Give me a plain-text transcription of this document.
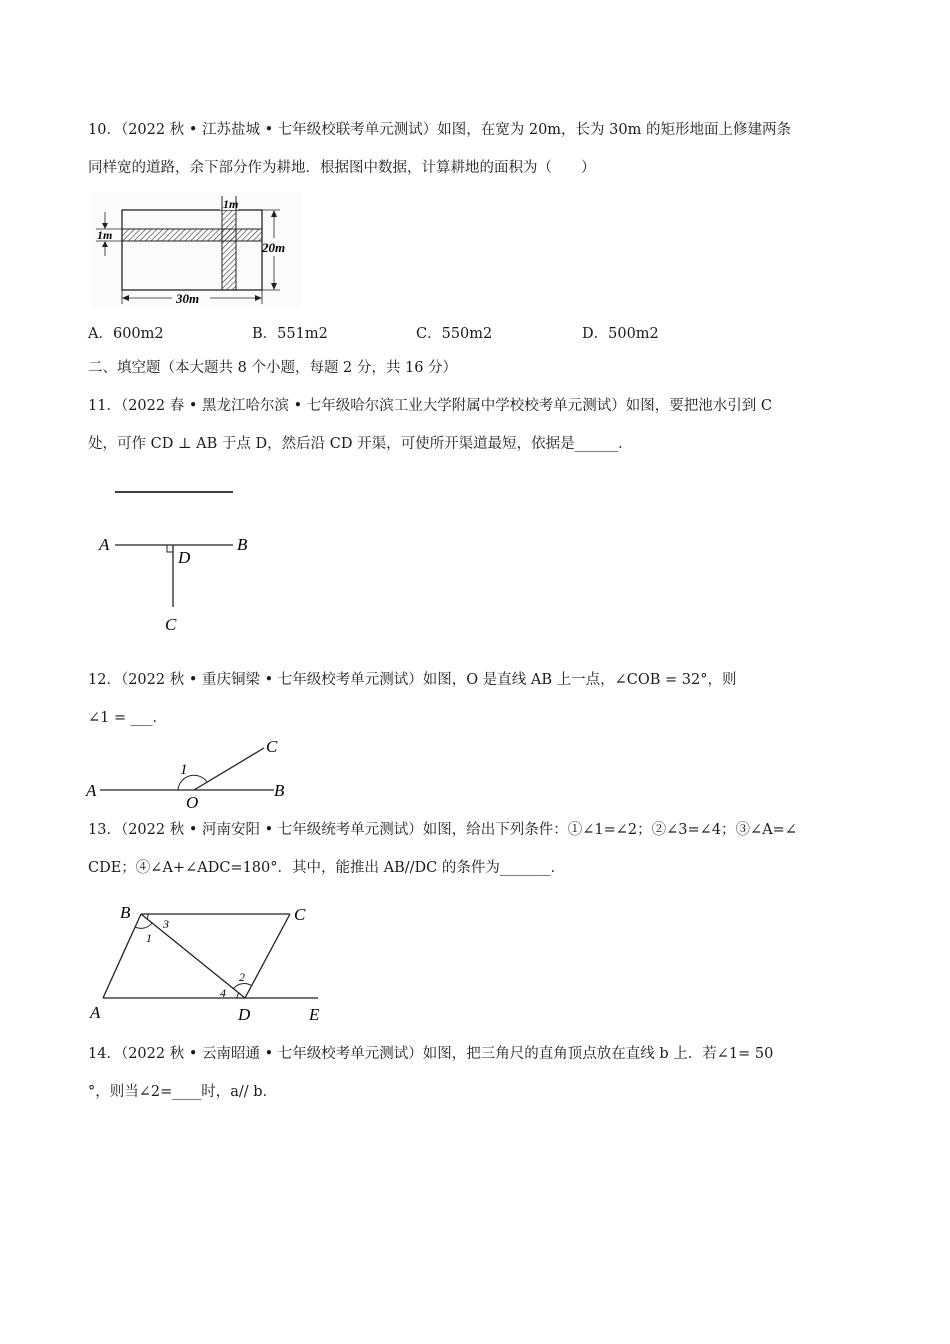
10．（2022 秋 • 江苏盐城 • 七年级校联考单元测试）如图，在宽为 20m，长为 30m 的矩形地面上修建两条
同样宽的道路，余下部分作为耕地．根据图中数据，计算耕地的面积为（　　）
1m
1m
20m
30m
A．600m2	B．551m2	C．550m2	D．500m2
二、填空题（本大题共 8 个小题，每题 2 分，共 16 分）
11．（2022 春 • 黑龙江哈尔滨 • 七年级哈尔滨工业大学附属中学校校考单元测试）如图，要把池水引到 C
处，可作 CD ⊥ AB 于点 D，然后沿 CD 开渠，可使所开渠道最短，依据是______．
A	B
D
C
12．（2022 秋 • 重庆铜梁 • 七年级校考单元测试）如图，O 是直线 AB 上一点，∠COB = 32°，则
∠1 = ___．
A	B
C
O
1
13．（2022 秋 • 河南安阳 • 七年级统考单元测试）如图，给出下列条件：①∠1=∠2；②∠3=∠4；③∠A=∠
CDE；④∠A+∠ADC=180°．其中，能推出 AB//DC 的条件为_______．
B	C
A	D	E
1
3
2
4
14．（2022 秋 • 云南昭通 • 七年级校考单元测试）如图，把三角尺的直角顶点放在直线 b 上．若∠1= 50
°，则当∠2=____时，a// b．
